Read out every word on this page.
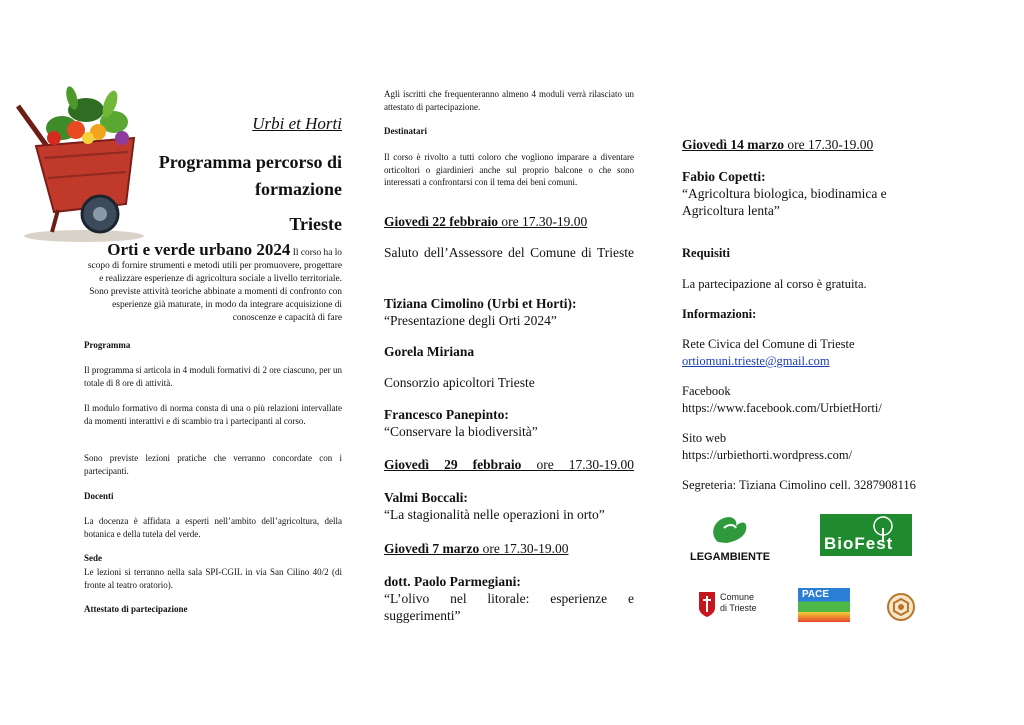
Urbi et Horti

Programma percorso di
formazione

Trieste

Orti e verde urbano 2024 Il corso ha lo scopo di fornire strumenti e metodi utili per promuovere, progettare e realizzare esperienze di agricoltura sociale a livello territoriale. Sono previste attività teoriche abbinate a momenti di confronto con esperienze già maturate, in modo da integrare acquisizione di conoscenze e capacità di fare

Programma

Il programma si articola in 4 moduli formativi di 2 ore ciascuno, per un totale di 8 ore di attività.

Il modulo formativo di norma consta di una o più relazioni intervallate da momenti interattivi e di scambio tra i partecipanti al corso.

Sono previste lezioni pratiche che verranno concordate con i partecipanti.

Docenti

La docenza è affidata a esperti nell’ambito dell’agricoltura, della botanica e della tutela del verde.

Sede

Le lezioni si terranno nella sala SPI-CGIL in via San Cilino 40/2 (di fronte al teatro oratorio).

Attestato di partecipazione

Agli iscritti che frequenteranno almeno 4 moduli verrà rilasciato un attestato di partecipazione.

Destinatari

Il corso è rivolto a tutti coloro che vogliono imparare a diventare orticoltori o giardinieri anche sul proprio balcone o che sono interessati a confrontarsi con il tema dei beni comuni.

Giovedì 22 febbraio ore 17.30-19.00

Saluto dell’Assessore del Comune di Trieste

Tiziana Cimolino (Urbi et Horti):

“Presentazione degli Orti 2024”

Gorela Miriana

Consorzio apicoltori Trieste

Francesco Panepinto:

“Conservare la biodiversità”

Giovedì 29 febbraio ore 17.30-19.00

Valmi Boccali:

“La stagionalità nelle operazioni in orto”

Giovedì 7 marzo ore 17.30-19.00

dott. Paolo Parmegiani:

“L’olivo nel litorale: esperienze e

suggerimenti”

Giovedì 14 marzo ore 17.30-19.00

Fabio Copetti:

“Agricoltura biologica, biodinamica e Agricoltura lenta”

Requisiti

La partecipazione al corso è gratuita.

Informazioni:

Rete Civica del Comune di Trieste

ortiomuni.trieste@gmail.com

Facebook

https://www.facebook.com/UrbietHorti/

Sito web

https://urbiethorti.wordpress.com/

Segreteria: Tiziana Cimolino cell. 3287908116

LEGAMBIENTE
BioFest
Comune
di Trieste
PACE
